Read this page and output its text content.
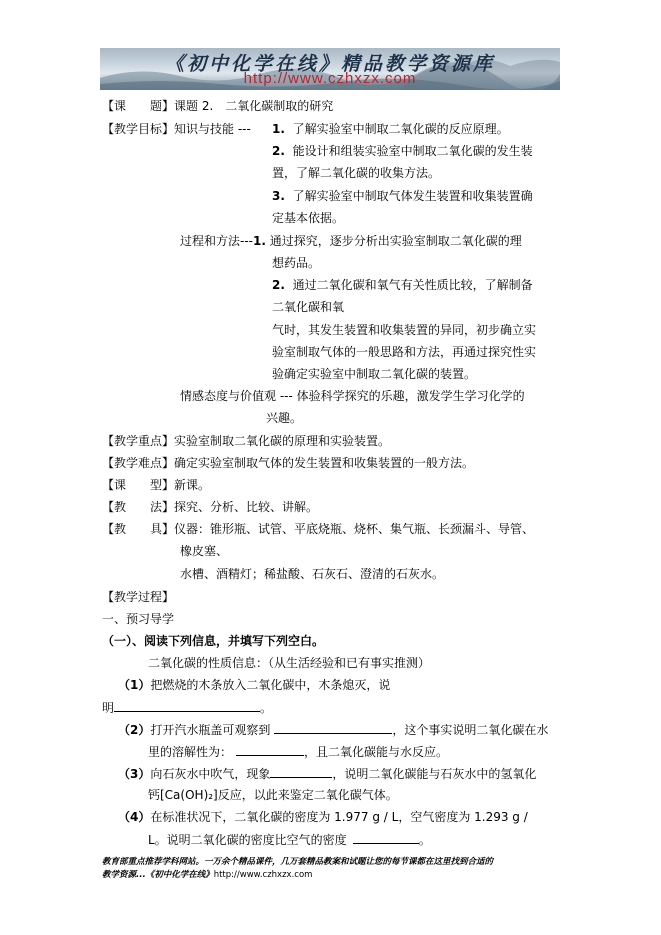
《初中化学在线》精品教学资源库
http://www.czhxzx.com
【课　　题】课题 2.　二氧化碳制取的研究
【教学目标】知识与技能 --- 1. 了解实验室中制取二氧化碳的反应原理。
2. 能设计和组装实验室中制取二氧化碳的发生装
置，了解二氧化碳的收集方法。
3. 了解实验室中制取气体发生装置和收集装置确
定基本依据。
过程和方法---1. 通过探究，逐步分析出实验室制取二氧化碳的理
想药品。
2. 通过二氧化碳和氧气有关性质比较，了解制备
二氧化碳和氧
气时，其发生装置和收集装置的异同，初步确立实
验室制取气体的一般思路和方法，再通过探究性实
验确定实验室中制取二氧化碳的装置。
情感态度与价值观 --- 体验科学探究的乐趣，激发学生学习化学的
兴趣。
【教学重点】实验室制取二氧化碳的原理和实验装置。
【教学难点】确定实验室制取气体的发生装置和收集装置的一般方法。
【课　　型】新课。
【教　　法】探究、分析、比较、讲解。
【教　　具】仪器：锥形瓶、试管、平底烧瓶、烧杯、集气瓶、长颈漏斗、导管、
橡皮塞、
水槽、酒精灯；稀盐酸、石灰石、澄清的石灰水。
【教学过程】
一、预习导学
（一）、阅读下列信息，并填写下列空白。
二氧化碳的性质信息：（从生活经验和已有事实推测）
（1）把燃烧的木条放入二氧化碳中，木条熄灭，说
明	。
（2）打开汽水瓶盖可观察到	，这个事实说明二氧化碳在水
里的溶解性为：	，且二氧化碳能与水反应。
（3）向石灰水中吹气，现象	，说明二氧化碳能与石灰水中的氢氧化
钙[Ca(OH)₂]反应，以此来鉴定二氧化碳气体。
（4）在标准状况下，二氧化碳的密度为 1.977 g / L，空气密度为 1.293 g /
L。说明二氧化碳的密度比空气的密度	。
教育部重点推荐学科网站。一万余个精品课件，几万套精品教案和试题让您的每节课都在这里找到合适的
教学资源...《初中化学在线》http://www.czhxzx.com
